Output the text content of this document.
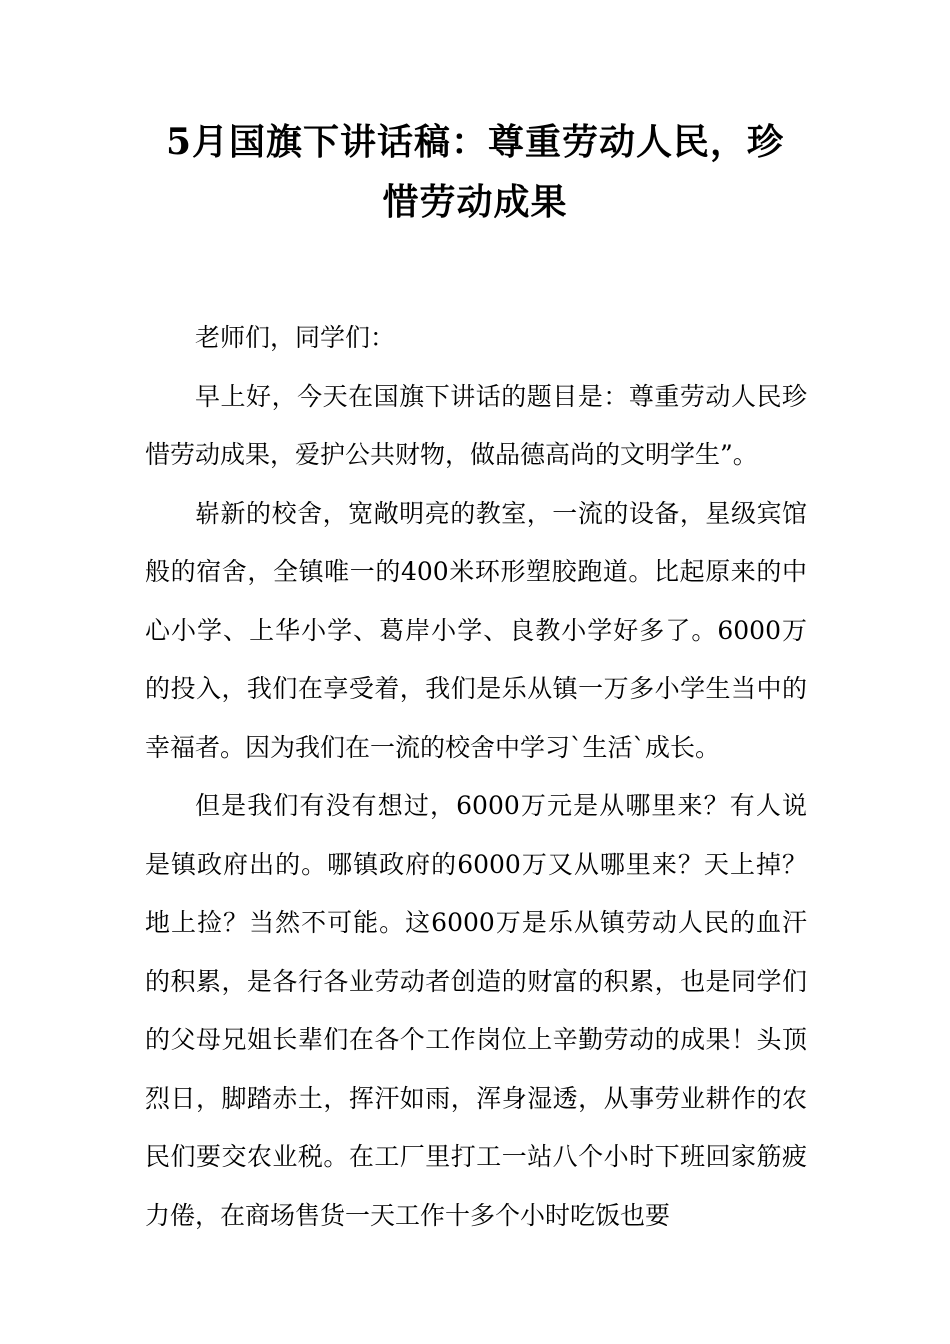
5月国旗下讲话稿：尊重劳动人民，珍
惜劳动成果

老师们，同学们：

早上好，今天在国旗下讲话的题目是：尊重劳动人民珍惜劳动成果，爱护公共财物，做品德高尚的文明学生”。

崭新的校舍，宽敞明亮的教室，一流的设备，星级宾馆般的宿舍，全镇唯一的400米环形塑胶跑道。比起原来的中心小学、上华小学、葛岸小学、良教小学好多了。6000万的投入，我们在享受着，我们是乐从镇一万多小学生当中的幸福者。因为我们在一流的校舍中学习`生活`成长。

但是我们有没有想过，6000万元是从哪里来？有人说是镇政府出的。哪镇政府的6000万又从哪里来？天上掉？地上捡？当然不可能。这6000万是乐从镇劳动人民的血汗的积累，是各行各业劳动者创造的财富的积累，也是同学们的父母兄姐长辈们在各个工作岗位上辛勤劳动的成果！头顶烈日，脚踏赤土，挥汗如雨，浑身湿透，从事劳业耕作的农民们要交农业税。在工厂里打工一站八个小时下班回家筋疲力倦，在商场售货一天工作十多个小时吃饭也要
